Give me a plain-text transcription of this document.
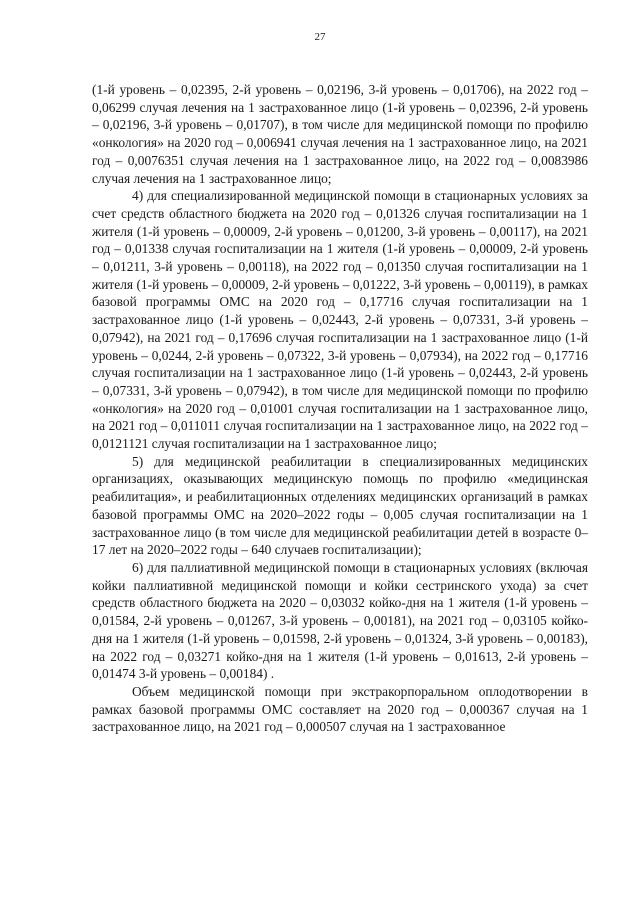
27

(1-й уровень – 0,02395, 2-й уровень – 0,02196, 3-й уровень – 0,01706), на 2022 год – 0,06299 случая лечения на 1 застрахованное лицо (1-й уровень – 0,02396, 2-й уровень – 0,02196, 3-й уровень – 0,01707), в том числе для медицинской помощи по профилю «онкология» на 2020 год – 0,006941 случая лечения на 1 застрахованное лицо, на 2021 год – 0,0076351 случая лечения на 1 застрахованное лицо, на 2022 год – 0,0083986 случая лечения на 1 застрахованное лицо;

4) для специализированной медицинской помощи в стационарных условиях за счет средств областного бюджета на 2020 год – 0,01326 случая госпитализации на 1 жителя (1-й уровень – 0,00009, 2-й уровень – 0,01200, 3-й уровень – 0,00117), на 2021 год – 0,01338 случая госпитализации на 1 жителя (1-й уровень – 0,00009, 2-й уровень – 0,01211, 3-й уровень – 0,00118), на 2022 год – 0,01350 случая госпитализации на 1 жителя (1-й уровень – 0,00009, 2-й уровень – 0,01222, 3-й уровень – 0,00119), в рамках базовой программы ОМС на 2020 год – 0,17716 случая госпитализации на 1 застрахованное лицо (1-й уровень – 0,02443, 2-й уровень – 0,07331, 3-й уровень – 0,07942), на 2021 год – 0,17696 случая госпитализации на 1 застрахованное лицо (1-й уровень – 0,0244, 2-й уровень – 0,07322, 3-й уровень – 0,07934), на 2022 год – 0,17716 случая госпитализации на 1 застрахованное лицо (1-й уровень – 0,02443, 2-й уровень – 0,07331, 3-й уровень – 0,07942), в том числе для медицинской помощи по профилю «онкология» на 2020 год – 0,01001 случая госпитализации на 1 застрахованное лицо, на 2021 год – 0,011011 случая госпитализации на 1 застрахованное лицо, на 2022 год – 0,0121121 случая госпитализации на 1 застрахованное лицо;

5) для медицинской реабилитации в специализированных медицинских организациях, оказывающих медицинскую помощь по профилю «медицинская реабилитация», и реабилитационных отделениях медицинских организаций в рамках базовой программы ОМС на 2020–2022 годы – 0,005 случая госпитализации на 1 застрахованное лицо (в том числе для медицинской реабилитации детей в возрасте 0–17 лет на 2020–2022 годы – 640 случаев госпитализации);

6) для паллиативной медицинской помощи в стационарных условиях (включая койки паллиативной медицинской помощи и койки сестринского ухода) за счет средств областного бюджета на 2020 – 0,03032 койко-дня на 1 жителя (1-й уровень – 0,01584, 2-й уровень – 0,01267, 3-й уровень – 0,00181), на 2021 год – 0,03105 койко-дня на 1 жителя (1-й уровень – 0,01598, 2-й уровень – 0,01324, 3-й уровень – 0,00183), на 2022 год – 0,03271 койко-дня на 1 жителя (1-й уровень – 0,01613, 2-й уровень – 0,01474 3-й уровень – 0,00184) .

Объем медицинской помощи при экстракорпоральном оплодотворении в рамках базовой программы ОМС составляет на 2020 год – 0,000367 случая на 1 застрахованное лицо, на 2021 год – 0,000507 случая на 1 застрахованное
